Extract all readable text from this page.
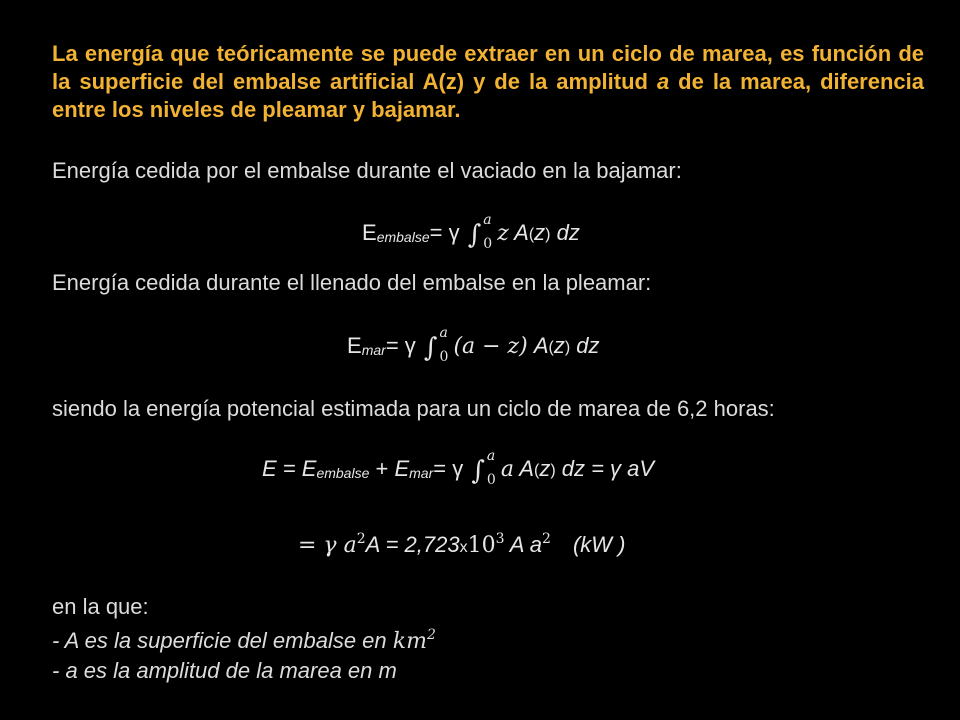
La energía que teóricamente se puede extraer en un ciclo de marea, es función de la superficie del embalse artificial A(z) y de la amplitud a de la marea, diferencia entre los niveles de pleamar y bajamar.
Energía cedida por el embalse durante el vaciado en la bajamar:
Eembalse= γ ∫ a
0 z A(z) dz
Energía cedida durante el llenado del embalse en la pleamar:
Emar= γ ∫ a
0 (a − z) A(z) dz
siendo la energía potencial estimada para un ciclo de marea de 6,2 horas:
E = Eembalse + Emar= γ ∫ a
0 a A(z) dz = γ aV
= γ $a^2A = 2,723x10^3$ A $a^2$ (kW )
en la que:
- A es la superficie del embalse en $km^2$
- a es la amplitud de la marea en m
